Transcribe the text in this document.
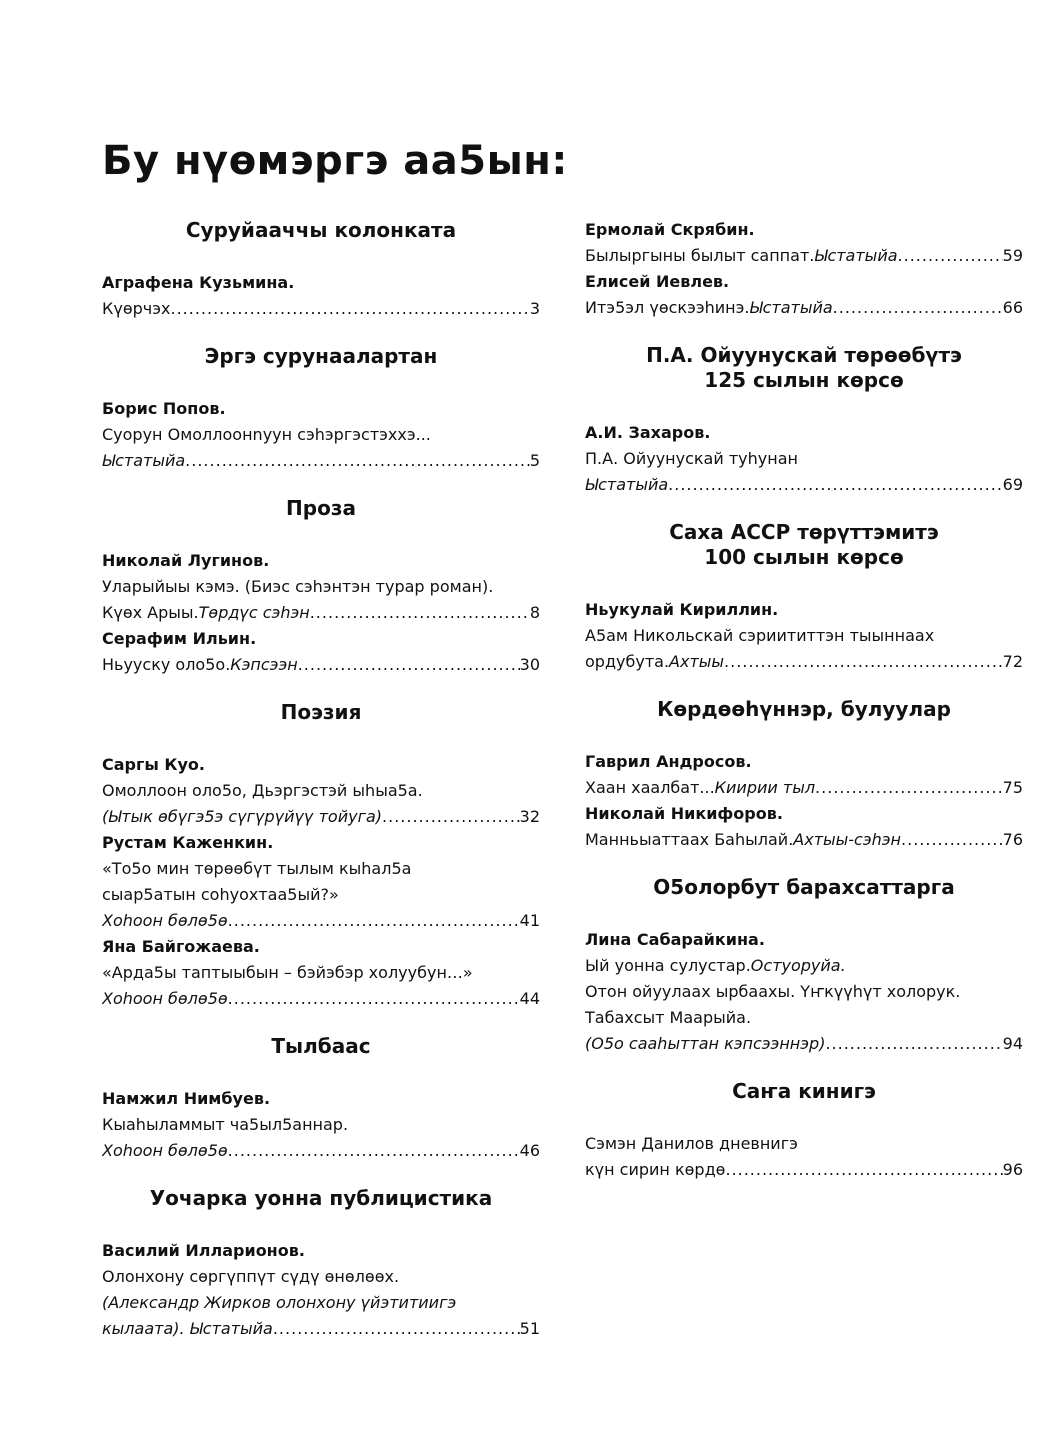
Бу нүөмэргэ аа5ын:
Суруйааччы колонката
Аграфена Кузьмина.
Күөрчэх .....	3
Эргэ сурунаалартан
Борис Попов.
Суорун Омоллоонnуун сэhэргэстэххэ...
Ыстатыйа .....	5
Проза
Николай Лугинов.
Уларыйыы кэмэ. (Биэс сэhэнтэн турар роман).
Күөх Арыы. Төрдүс сэhэн .....	8
Серафим Ильин.
Ньууску оло5о. Кэпсээн .....	30
Поэзия
Саргы Куо.
Омоллоон оло5о, Дьэргэстэй ыhыа5а.
(Ытык өбүгэ5э сүгүрүйүү тойуга) .....	32
Рустам Каженкин.
«То5о мин төрөөбүт тылым кыhал5а
сыар5атын соhуохтаа5ый?»
Хоhоон бөлө5ө .....	41
Яна Байгожаева.
«Арда5ы таптыыбын – бэйэбэр холуубун…»
Хоhоон бөлө5ө .....	44
Тылбаас
Намжил Нимбуев.
Кыаhыламмыт ча5ыл5аннар.
Хоhоон бөлө5ө .....	46
Уочарка уонна публицистика
Василий Илларионов.
Олонхону сөргүппүт сүдү өнөлөөх.
(Александр Жирков олонхону үйэтитиигэ
кылаата). Ыстатыйа .....	51
Ермолай Скрябин.
Былыргыны былыт саппат. Ыстатыйа .....	59
Елисей Иевлев.
Итэ5эл үөскээhинэ. Ыстатыйа .....	66
П.А. Ойуунускай төрөөбүтэ
125 сылын көрсө
А.И. Захаров.
П.А. Ойуунускай туhунан
Ыстатыйа .....	69
Саха АССР төрүттэмитэ
100 сылын көрсө
Ньукулай Кириллин.
А5ам Никольскай сэриититтэн тыыннаах
ордубута. Ахтыы .....	72
Көрдөөhүннэр, булуулар
Гаврил Андросов.
Хаан хаалбат... Киирии тыл .....	75
Николай Никифоров.
Манньыаттаах Баhылай. Ахтыы-сэhэн .....	76
О5олорбут барахсаттарга
Лина Сабарайкина.
Ый уонна сулустар. Остуоруйа.
Отон ойуулаах ырбаахы. Үҥкүүһүт холорук.
Табахсыт Маарыйа.
(О5о сааhыттан кэпсээннэр) .....	94
Саҥа кинигэ
Сэмэн Данилов дневнигэ
күн сирин көрдө .....	96
